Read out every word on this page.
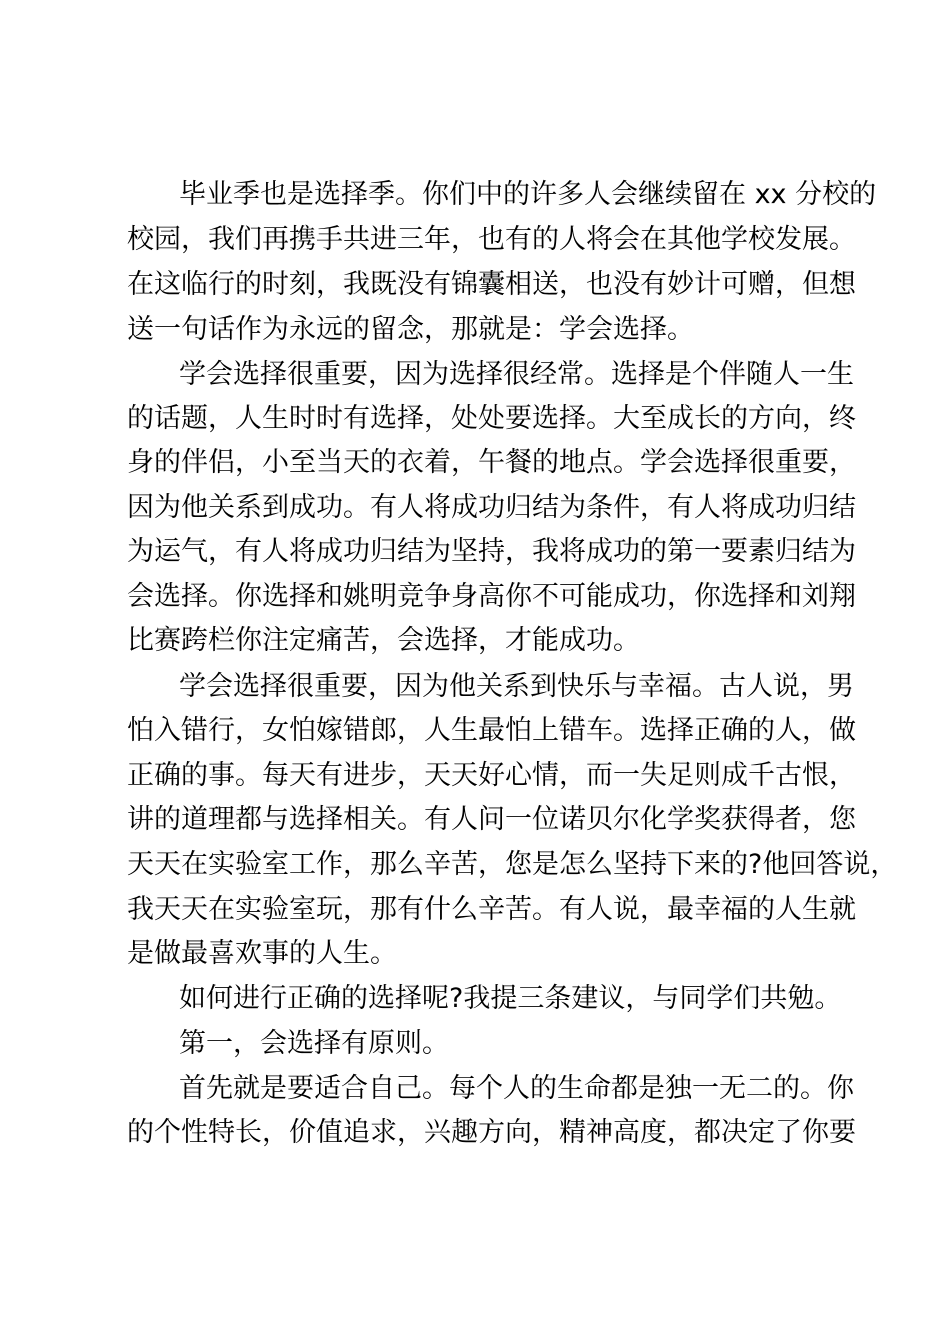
毕业季也是选择季。你们中的许多人会继续留在 xx 分校的
校园，我们再携手共进三年，也有的人将会在其他学校发展。
在这临行的时刻，我既没有锦囊相送，也没有妙计可赠，但想
送一句话作为永远的留念，那就是：学会选择。
学会选择很重要，因为选择很经常。选择是个伴随人一生
的话题，人生时时有选择，处处要选择。大至成长的方向，终
身的伴侣，小至当天的衣着，午餐的地点。学会选择很重要，
因为他关系到成功。有人将成功归结为条件，有人将成功归结
为运气，有人将成功归结为坚持，我将成功的第一要素归结为
会选择。你选择和姚明竞争身高你不可能成功，你选择和刘翔
比赛跨栏你注定痛苦，会选择，才能成功。
学会选择很重要，因为他关系到快乐与幸福。古人说，男
怕入错行，女怕嫁错郎，人生最怕上错车。选择正确的人，做
正确的事。每天有进步，天天好心情，而一失足则成千古恨，
讲的道理都与选择相关。有人问一位诺贝尔化学奖获得者，您
天天在实验室工作，那么辛苦，您是怎么坚持下来的?他回答说，
我天天在实验室玩，那有什么辛苦。有人说，最幸福的人生就
是做最喜欢事的人生。
如何进行正确的选择呢?我提三条建议，与同学们共勉。
第一，会选择有原则。
首先就是要适合自己。每个人的生命都是独一无二的。你
的个性特长，价值追求，兴趣方向，精神高度，都决定了你要
